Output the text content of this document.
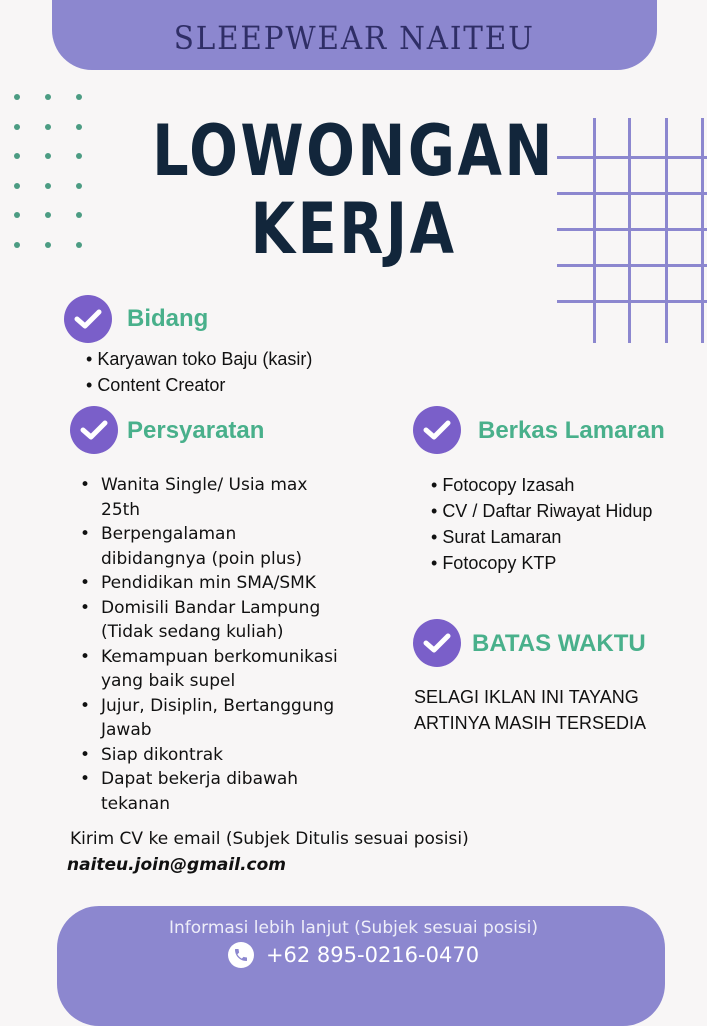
SLEEPWEAR NAITEU
LOWONGAN
KERJA
Bidang
• Karyawan toko Baju (kasir)
• Content Creator
Persyaratan
• Wanita Single/ Usia max
25th
• Berpengalaman
dibidangnya (poin plus)
• Pendidikan min SMA/SMK
• Domisili Bandar Lampung
(Tidak sedang kuliah)
• Kemampuan berkomunikasi
yang baik supel
• Jujur, Disiplin, Bertanggung
Jawab
• Siap dikontrak
• Dapat bekerja dibawah
tekanan
Berkas Lamaran
• Fotocopy Izasah
• CV / Daftar Riwayat Hidup
• Surat Lamaran
• Fotocopy KTP
BATAS WAKTU
SELAGI IKLAN INI TAYANG
ARTINYA MASIH TERSEDIA
Kirim CV ke email (Subjek Ditulis sesuai posisi)
naiteu.join@gmail.com
Informasi lebih lanjut (Subjek sesuai posisi)
+62 895-0216-0470
